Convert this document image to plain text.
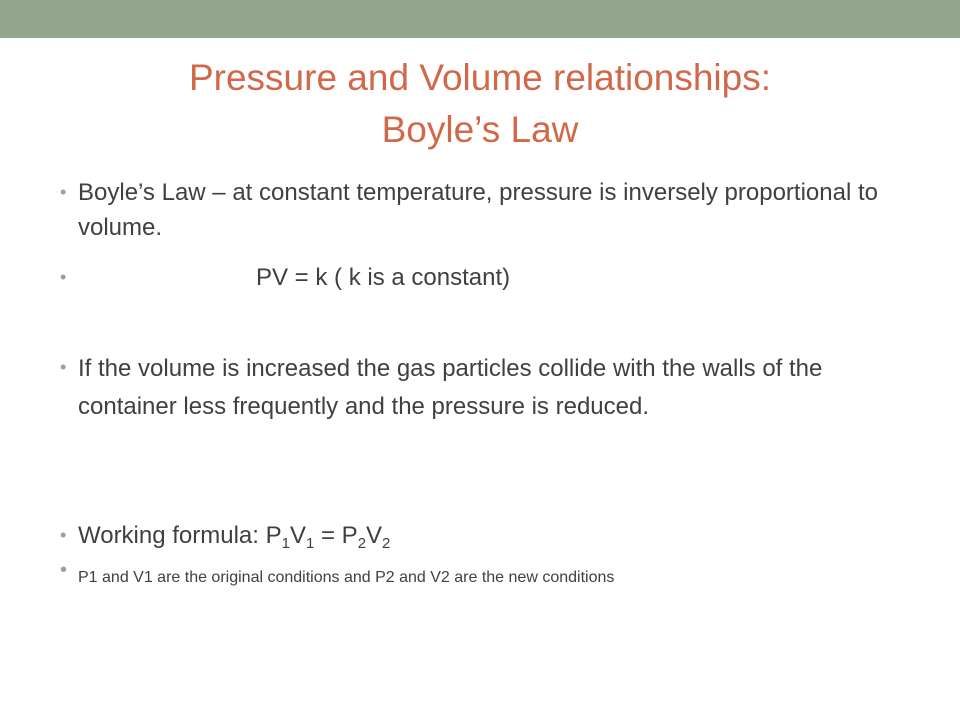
Pressure and Volume relationships:
Boyle’s Law
• Boyle’s Law – at constant temperature, pressure is inversely proportional to volume.
•	PV = k ( k is a constant)
• If the volume is increased the gas particles collide with the walls of the container less frequently and the pressure is reduced.
• Working formula: $P_1V_1 = P_2V_2$
• P1 and V1 are the original conditions and P2 and V2 are the new conditions
